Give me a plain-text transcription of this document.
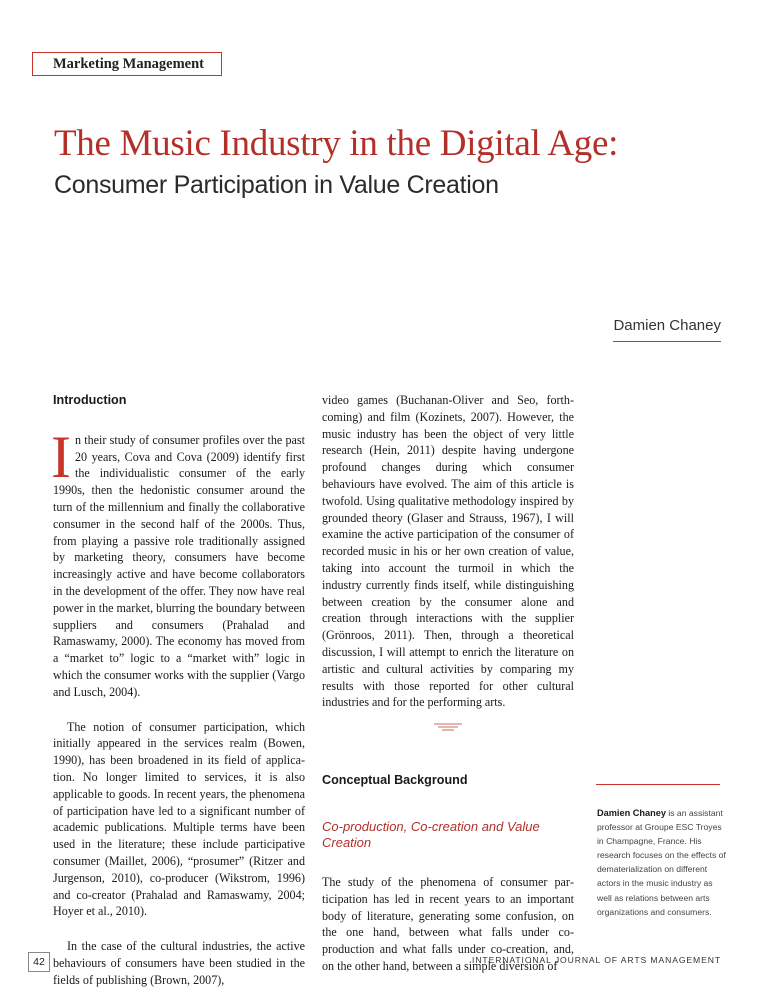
Marketing Management
The Music Industry in the Digital Age:
Consumer Participation in Value Creation
Damien Chaney
Introduction

In their study of consumer profiles over the past 20 years, Cova and Cova (2009) identify first the individualistic consumer of the early 1990s, then the hedonistic consumer around the turn of the millennium and finally the collaborative consumer in the second half of the 2000s. Thus, from playing a passive role traditionally assigned by marketing theory, consumers have become increasingly active and have become collaborators in the development of the offer. They now have real power in the market, blurring the boundary between suppliers and consumers (Prahalad and Ramaswamy, 2000). The economy has moved from a “market to” logic to a “market with” logic in which the consumer works with the supplier (Vargo and Lusch, 2004).

The notion of consumer participation, which initially appeared in the services realm (Bowen, 1990), has been broadened in its field of application. No longer limited to services, it is also applicable to goods. In recent years, the phenomena of participation have led to a significant number of academic publications. Multiple terms have been used in the literature; these include participative consumer (Maillet, 2006), “prosumer” (Ritzer and Jurgenson, 2010), co-producer (Wikstrom, 1996) and co-creator (Prahalad and Ramaswamy, 2004; Hoyer et al., 2010).

In the case of the cultural industries, the active behaviours of consumers have been studied in the fields of publishing (Brown, 2007),

video games (Buchanan-Oliver and Seo, forthcoming) and film (Kozinets, 2007). However, the music industry has been the object of very little research (Hein, 2011) despite having undergone profound changes during which consumer behaviours have evolved. The aim of this article is twofold. Using qualitative methodology inspired by grounded theory (Glaser and Strauss, 1967), I will examine the active participation of the consumer of recorded music in his or her own creation of value, taking into account the turmoil in which the industry currently finds itself, while distinguishing between creation by the consumer alone and creation through interactions with the supplier (Grönroos, 2011). Then, through a theoretical discussion, I will attempt to enrich the literature on artistic and cultural activities by comparing my results with those reported for other cultural industries and for the performing arts.

Conceptual Background
Co-production, Co-creation and Value Creation

The study of the phenomena of consumer participation has led in recent years to an important body of literature, generating some confusion, on the one hand, between what falls under co-production and what falls under co-creation, and, on the other hand, between a simple diversion of

Damien Chaney is an assistant professor at Groupe ESC Troyes in Champagne, France. His research focuses on the effects of dematerialization on different actors in the music industry as well as relations between arts organizations and consumers.
42	INTERNATIONAL JOURNAL OF ARTS MANAGEMENT
